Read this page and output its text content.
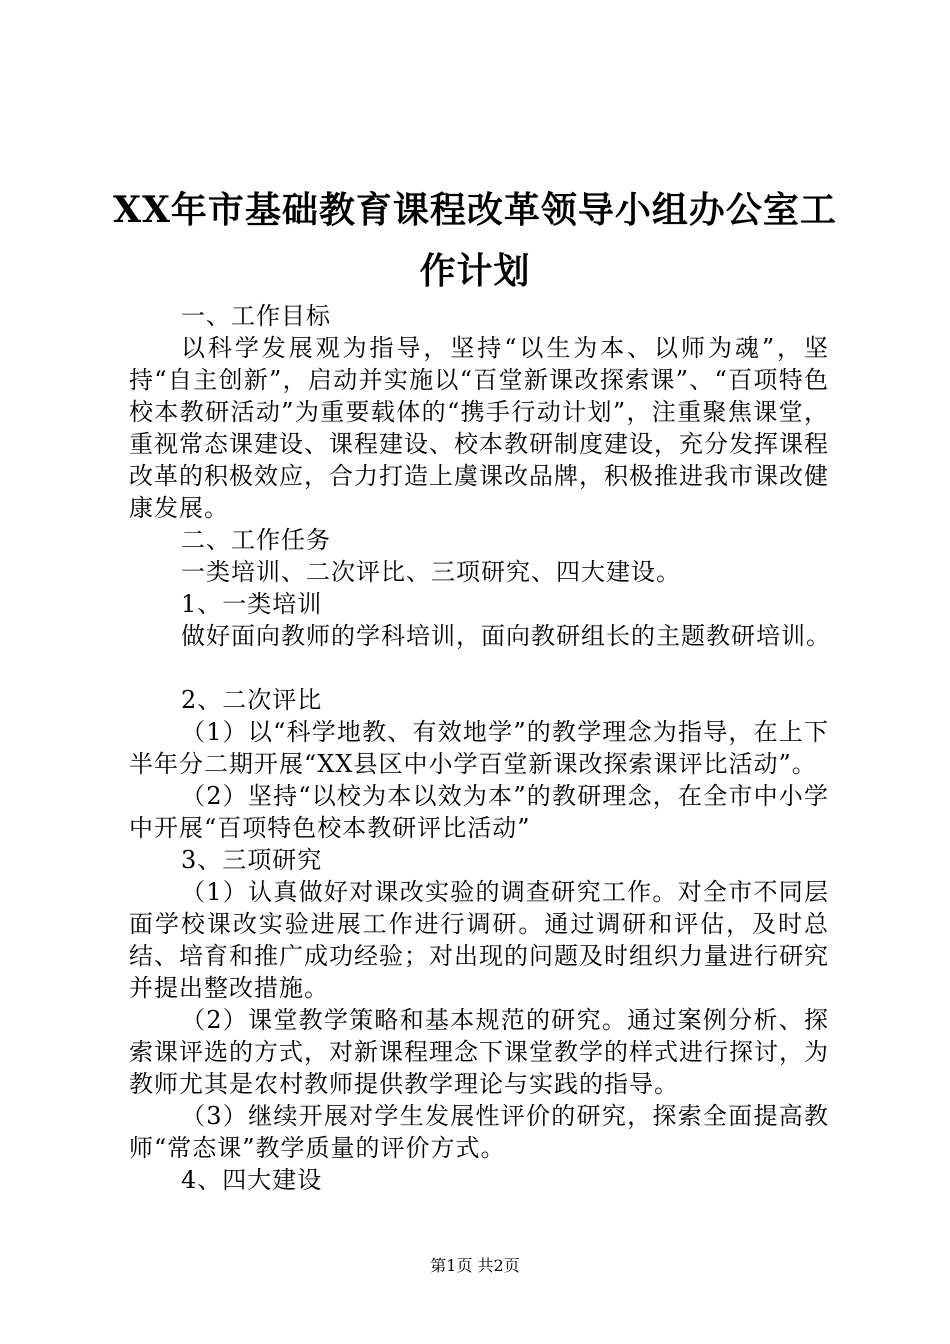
XX年市基础教育课程改革领导小组办公室工
作计划

一、工作目标

以科学发展观为指导，坚持“以生为本、以师为魂”，坚持“自主创新”，启动并实施以“百堂新课改探索课”、“百项特色校本教研活动”为重要载体的“携手行动计划”，注重聚焦课堂，重视常态课建设、课程建设、校本教研制度建设，充分发挥课程改革的积极效应，合力打造上虞课改品牌，积极推进我市课改健康发展。

二、工作任务

一类培训、二次评比、三项研究、四大建设。

1、一类培训

做好面向教师的学科培训，面向教研组长的主题教研培训。

2、二次评比

（1）以“科学地教、有效地学”的教学理念为指导，在上下半年分二期开展“XX县区中小学百堂新课改探索课评比活动”。

（2）坚持“以校为本以效为本”的教研理念，在全市中小学中开展“百项特色校本教研评比活动”

3、三项研究

（1）认真做好对课改实验的调查研究工作。对全市不同层面学校课改实验进展工作进行调研。通过调研和评估，及时总结、培育和推广成功经验；对出现的问题及时组织力量进行研究并提出整改措施。

（2）课堂教学策略和基本规范的研究。通过案例分析、探索课评选的方式，对新课程理念下课堂教学的样式进行探讨，为教师尤其是农村教师提供教学理论与实践的指导。

（3）继续开展对学生发展性评价的研究，探索全面提高教师“常态课”教学质量的评价方式。

4、四大建设

第1页 共2页
